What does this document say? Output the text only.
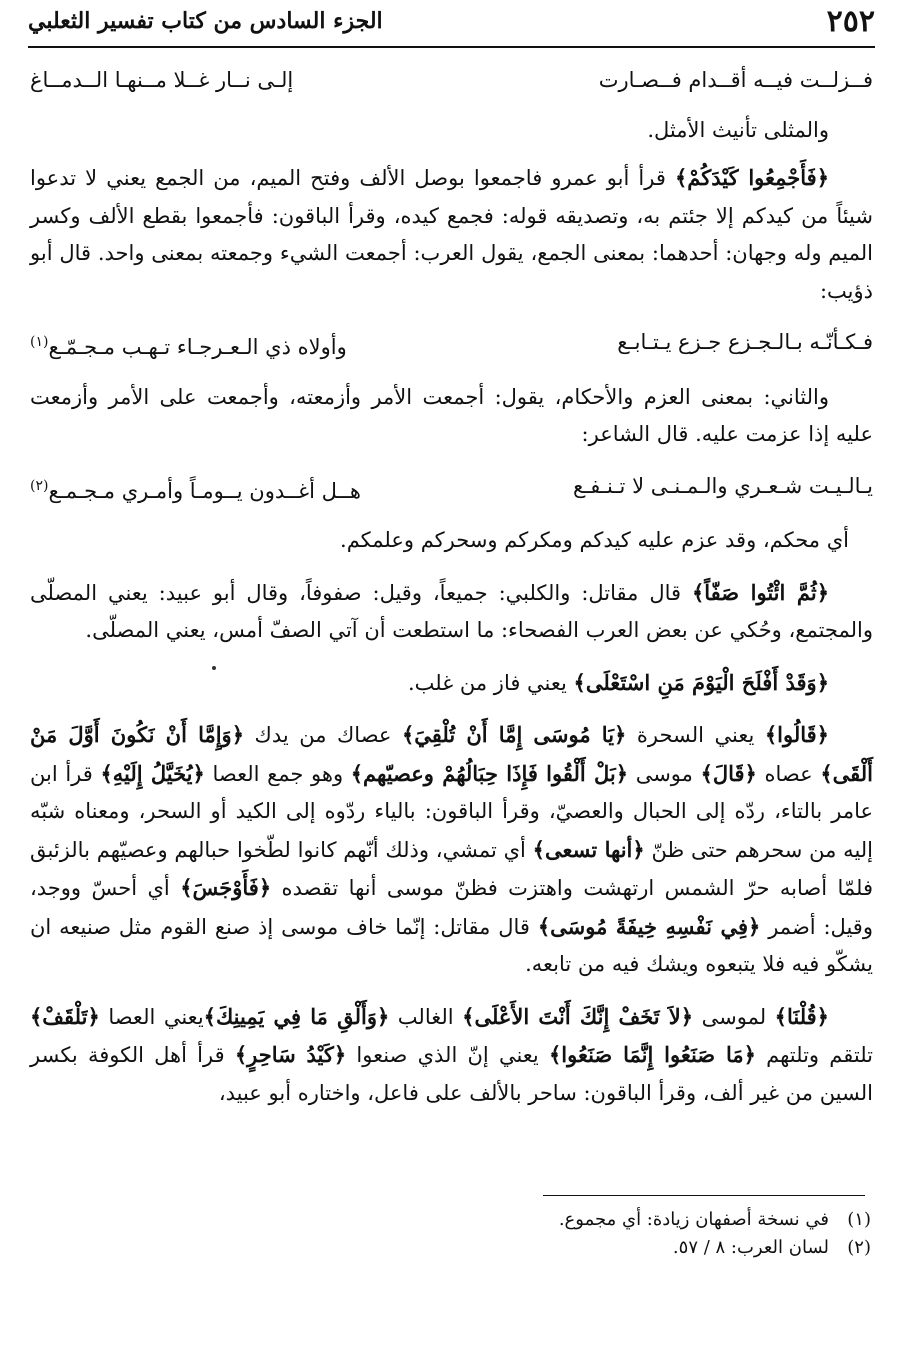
٢٥٢
الجزء السادس من كتاب تفسير الثعلبي
فــزلــت فيــه أقــدام فــصـارت
إلـى نــار غــلا مــنهـا الــدمــاغ

والمثلى تأنيث الأمثل.

﴿فَأَجْمِعُوا كَيْدَكُمْ﴾ قرأ أبو عمرو فاجمعوا بوصل الألف وفتح الميم، من الجمع يعني لا تدعوا شيئاً من كيدكم إلا جئتم به، وتصديقه قوله: فجمع كيده، وقرأ الباقون: فأجمعوا بقطع الألف وكسر الميم وله وجهان: أحدهما: بمعنى الجمع، يقول العرب: أجمعت الشيء وجمعته بمعنى واحد. قال أبو ذؤيب:

فـكـأنّـه بـالـجـزع جـزع يـتـابـع
وأولاه ذي الـعـرجـاء تـهـب مـجـمّـع$^{(١)}$

والثاني: بمعنى العزم والأحكام، يقول: أجمعت الأمر وأزمعته، وأجمعت على الأمر وأزمعت عليه إذا عزمت عليه. قال الشاعر:

يـالـيـت شـعـري والـمـنـى لا تـنـفـع
هــل أغــدون يــومـاً وأمـري مـجـمـع$^{(٢)}$

أي محكم، وقد عزم عليه كيدكم ومكركم وسحركم وعلمكم.

﴿ثُمَّ ائْتُوا صَفّاً﴾ قال مقاتل: والكلبي: جميعاً، وقيل: صفوفاً، وقال أبو عبيد: يعني المصلّى والمجتمع، وحُكي عن بعض العرب الفصحاء: ما استطعت أن آتي الصفّ أمس، يعني المصلّى.

﴿وَقَدْ أَفْلَحَ الْيَوْمَ مَنِ اسْتَعْلَى﴾ يعني فاز من غلب.

﴿قَالُوا﴾ يعني السحرة ﴿يَا مُوسَى إِمَّا أَنْ تُلْقِيَ﴾ عصاك من يدك ﴿وَإِمَّا أَنْ نَكُونَ أَوَّلَ مَنْ أَلْقَى﴾ عصاه ﴿قَالَ﴾ موسى ﴿بَلْ أَلْقُوا فَإِذَا حِبَالُهُمْ وعصيّهم﴾ وهو جمع العصا ﴿يُخَيَّلُ إِلَيْهِ﴾ قرأ ابن عامر بالتاء، ردّه إلى الحبال والعصيّ، وقرأ الباقون: بالياء ردّوه إلى الكيد أو السحر، ومعناه شبّه إليه من سحرهم حتى ظنّ ﴿أنها تسعى﴾ أي تمشي، وذلك أنّهم كانوا لطّخوا حبالهم وعصيّهم بالزئبق فلمّا أصابه حرّ الشمس ارتهشت واهتزت فظنّ موسى أنها تقصده ﴿فَأَوْجَسَ﴾ أي أحسّ ووجد، وقيل: أضمر ﴿فِي نَفْسِهِ خِيفَةً مُوسَى﴾ قال مقاتل: إنّما خاف موسى إذ صنع القوم مثل صنيعه ان يشكّو فيه فلا يتبعوه ويشك فيه من تابعه.

﴿قُلْنَا﴾ لموسى ﴿لاَ تَخَفْ إِنَّكَ أَنْتَ الأَعْلَى﴾ الغالب ﴿وَأَلْقِ مَا فِي يَمِينِكَ﴾يعني العصا ﴿تَلْقَفْ﴾ تلتقم وتلتهم ﴿مَا صَنَعُوا إِنَّمَا صَنَعُوا﴾ يعني إنّ الذي صنعوا ﴿كَيْدُ سَاحِرٍ﴾ قرأ أهل الكوفة بكسر السين من غير ألف، وقرأ الباقون: ساحر بالألف على فاعل، واختاره أبو عبيد،

(١)في نسخة أصفهان زيادة: أي مجموع.

(٢)لسان العرب: ٨ / ٥٧.
